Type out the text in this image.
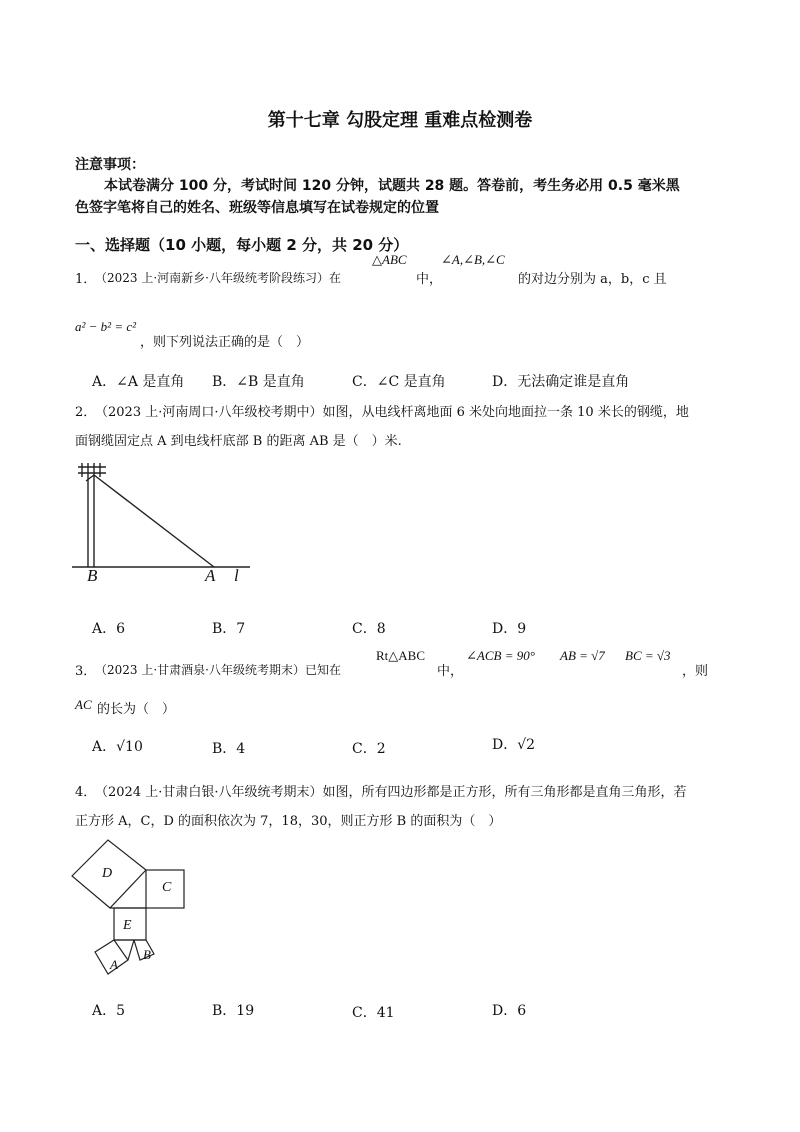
第十七章 勾股定理 重难点检测卷
注意事项：
本试卷满分 100 分，考试时间 120 分钟，试题共 28 题。答卷前，考生务必用 0.5 毫米黑
色签字笔将自己的姓名、班级等信息填写在试卷规定的位置
一、选择题（10 小题，每小题 2 分，共 20 分）
1．
（2023 上·河南新乡·八年级统考阶段练习）在
△ABC
中，
∠A,∠B,∠C
的对边分别为 a，b，c 且
a² − b² = c²
，则下列说法正确的是（　）
A．∠A 是直角 B．∠B 是直角	C．∠C 是直角	D．无法确定谁是直角
2．
（2023 上·河南周口·八年级校考期中）如图，从电线杆离地面 6 米处向地面拉一条 10 米长的钢缆，地
面钢缆固定点 A 到电线杆底部 B 的距离 AB 是（　）米.
B	A l
A．6	B．7	C．8	D．9
3．
（2023 上·甘肃酒泉·八年级统考期末）已知在
Rt△ABC
中，
∠ACB = 90° AB = √7 BC = √3
，则
AC 的长为（　）
A．√10	B．4	C．2	D．√2
4．
（2024 上·甘肃白银·八年级统考期末）如图，所有四边形都是正方形，所有三角形都是直角三角形，若
正方形 A，C，D 的面积依次为 7，18，30，则正方形 B 的面积为（　）
D
C
E
A
B
A．5	B．19	C．41	D．6
